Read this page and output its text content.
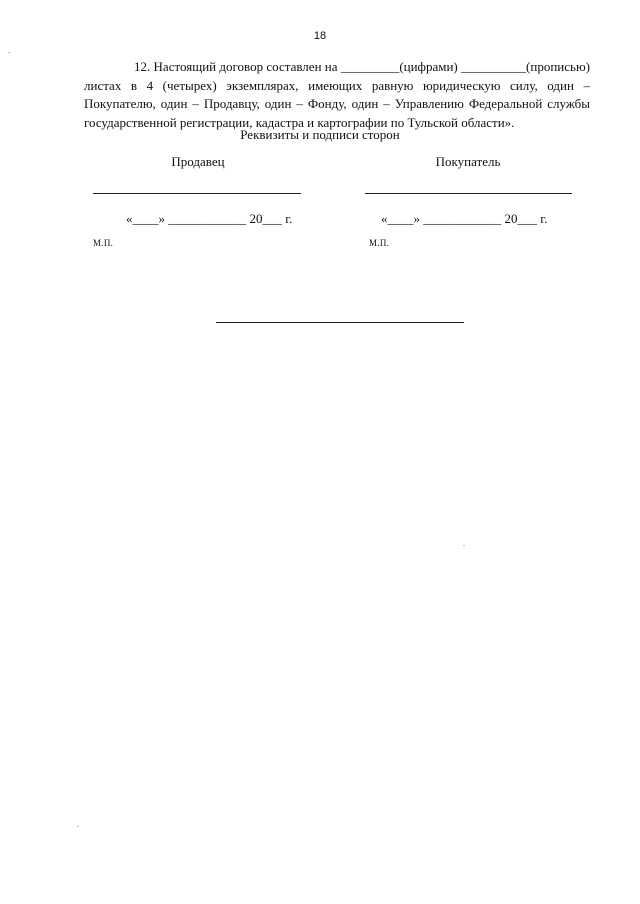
18

12. Настоящий договор составлен на _________(цифрами) __________(прописью) листах в 4 (четырех) экземплярах, имеющих равную юридическую силу, один – Покупателю, один – Продавцу, один – Фонду, один – Управлению Федеральной службы государственной регистрации, кадастра и картографии по Тульской области».

Реквизиты и подписи сторон
Продавец
«____» ____________ 20___ г.
М.П.
Покупатель
«____» ____________ 20___ г.
М.П.
